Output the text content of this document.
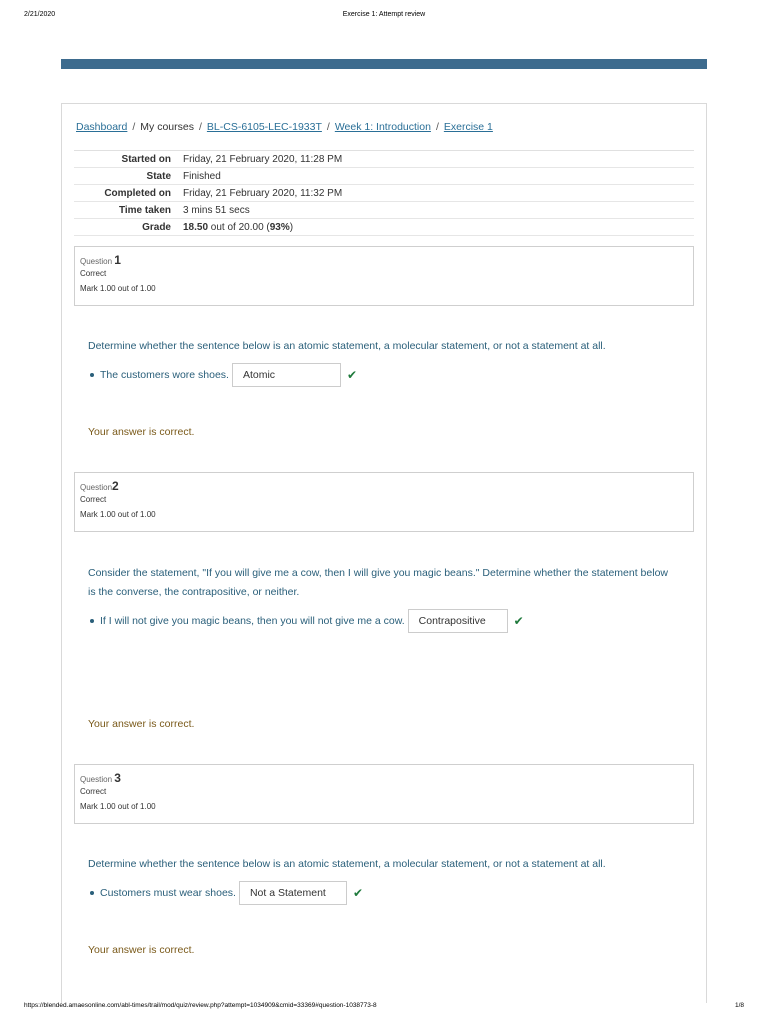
2/21/2020	Exercise 1: Attempt review
Dashboard / My courses / BL-CS-6105-LEC-1933T / Week 1: Introduction / Exercise 1
Started on	Friday, 21 February 2020, 11:28 PM
State	Finished
Completed on	Friday, 21 February 2020, 11:32 PM
Time taken	3 mins 51 secs
Grade	18.50 out of 20.00 (93%)
Question 1
Correct
Mark 1.00 out of 1.00
Determine whether the sentence below is an atomic statement, a molecular statement, or not a statement at all.
The customers wore shoes.	Atomic	✔
Your answer is correct.
Question2
Correct
Mark 1.00 out of 1.00
Consider the statement, "If you will give me a cow, then I will give you magic beans." Determine whether the statement below is the converse, the contrapositive, or neither.
If I will not give you magic beans, then you will not give me a cow.	Contrapositive	✔
Your answer is correct.
Question 3
Correct
Mark 1.00 out of 1.00
Determine whether the sentence below is an atomic statement, a molecular statement, or not a statement at all.
Customers must wear shoes.	Not a Statement	✔
Your answer is correct.
https://blended.amaesonline.com/abl-times/trail/mod/quiz/review.php?attempt=1034909&cmid=33369#question-1038773-8	1/8
